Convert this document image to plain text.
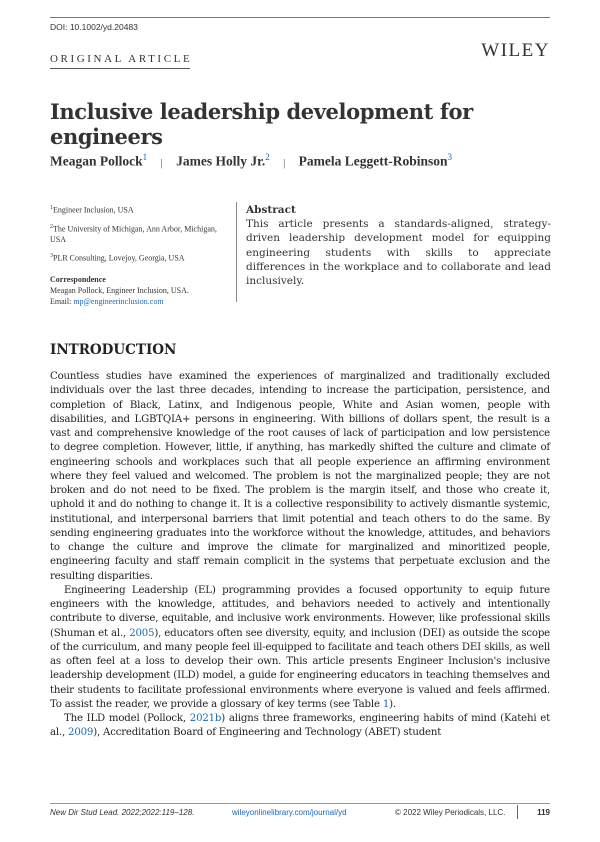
DOI: 10.1002/yd.20483
ORIGINAL ARTICLE	WILEY
Inclusive leadership development for engineers
Meagan Pollock$^1$ | James Holly Jr.$^2$ | Pamela Leggett-Robinson$^3$

$^1$Engineer Inclusion, USA

$^2$The University of Michigan, Ann Arbor, Michigan, USA

$^3$PLR Consulting, Lovejoy, Georgia, USA

Correspondence

Meagan Pollock, Engineer Inclusion, USA.

Email: mp@engineerinclusion.com

Abstract
This article presents a standards-aligned, strategy-driven leadership development model for equipping engineering students with skills to appreciate differences in the workplace and to collaborate and lead inclusively.
INTRODUCTION

Countless studies have examined the experiences of marginalized and traditionally excluded individuals over the last three decades, intending to increase the participation, persistence, and completion of Black, Latinx, and Indigenous people, White and Asian women, people with disabilities, and LGBTQIA+ persons in engineering. With billions of dollars spent, the result is a vast and comprehensive knowledge of the root causes of lack of participation and low persistence to degree completion. However, little, if anything, has markedly shifted the culture and climate of engineering schools and workplaces such that all people experience an affirming environment where they feel valued and welcomed. The problem is not the marginalized people; they are not broken and do not need to be fixed. The problem is the margin itself, and those who create it, uphold it and do nothing to change it. It is a collective responsibility to actively dismantle systemic, institutional, and interpersonal barriers that limit potential and teach others to do the same. By sending engineering graduates into the workforce without the knowledge, attitudes, and behaviors to change the culture and improve the climate for marginalized and minoritized people, engineering faculty and staff remain complicit in the systems that perpetuate exclusion and the resulting disparities.

Engineering Leadership (EL) programming provides a focused opportunity to equip future engineers with the knowledge, attitudes, and behaviors needed to actively and intentionally contribute to diverse, equitable, and inclusive work environments. However, like professional skills (Shuman et al., 2005), educators often see diversity, equity, and inclusion (DEI) as outside the scope of the curriculum, and many people feel ill-equipped to facilitate and teach others DEI skills, as well as often feel at a loss to develop their own. This article presents Engineer Inclusion's inclusive leadership development (ILD) model, a guide for engineering educators in teaching themselves and their students to facilitate professional environments where everyone is valued and feels affirmed. To assist the reader, we provide a glossary of key terms (see Table 1).

The ILD model (Pollock, 2021b) aligns three frameworks, engineering habits of mind (Katehi et al., 2009), Accreditation Board of Engineering and Technology (ABET) student

New Dir Stud Lead. 2022;2022:119–128.	wileyonlinelibrary.com/journal/yd	© 2022 Wiley Periodicals, LLC.	119
